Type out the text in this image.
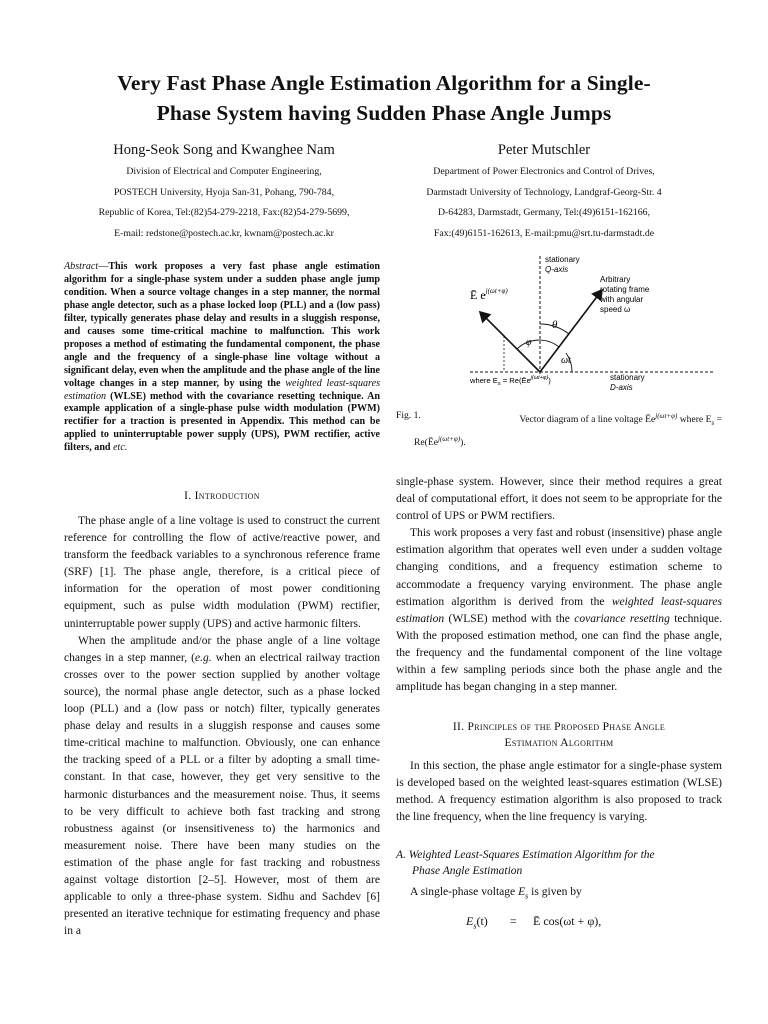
Very Fast Phase Angle Estimation Algorithm for a Single-
Phase System having Sudden Phase Angle Jumps
Hong-Seok Song and Kwanghee Nam
Division of Electrical and Computer Engineering,
POSTECH University, Hyoja San-31, Pohang, 790-784,
Republic of Korea, Tel:(82)54-279-2218, Fax:(82)54-279-5699,
E-mail: redstone@postech.ac.kr, kwnam@postech.ac.kr
Peter Mutschler
Department of Power Electronics and Control of Drives,
Darmstadt University of Technology, Landgraf-Georg-Str. 4
D-64283, Darmstadt, Germany, Tel:(49)6151-162166,
Fax:(49)6151-162613, E-mail:pmu@srt.tu-darmstadt.de
Abstract—This work proposes a very fast phase angle estimation algorithm for a single-phase system under a sudden phase angle jump condition. When a source voltage changes in a step manner, the normal phase angle detector, such as a phase locked loop (PLL) and a (low pass) filter, typically generates phase delay and results in a sluggish response, and causes some time-critical machine to malfunction. This work proposes a method of estimating the fundamental component, the phase angle and the frequency of a single-phase line voltage without a significant delay, even when the amplitude and the phase angle of the line voltage changes in a step manner, by using the weighted least-squares estimation (WLSE) method with the covariance resetting technique. An example application of a single-phase pulse width modulation (PWM) rectifier for a traction is presented in Appendix. This method can be applied to uninterruptable power supply (UPS), PWM rectifier, active filters, and etc.
stationary
Q-axis
Arbitrary
rotating frame
with angular
speed ω
Ē $e^{j(\omega t+\varphi)}$
θ
φ
ωt
where $E_s$ = $Re(Ēe^{j(\omega t+\varphi)})$	stationary
D-axis
Fig. 1.	Vector diagram of a line voltage $Ēe^{j(\omega t+\varphi)}$ where $E_s$ =
$Re(Ēe^{j(\omega t+\varphi)})$.
I. Introduction

The phase angle of a line voltage is used to construct the current reference for controlling the flow of active/reactive power, and transform the feedback variables to a synchronous reference frame (SRF) [1]. The phase angle, therefore, is a critical piece of information for the operation of most power conditioning equipment, such as pulse width modulation (PWM) rectifier, uninterruptable power supply (UPS) and active harmonic filters.

When the amplitude and/or the phase angle of a line voltage changes in a step manner, (e.g. when an electrical railway traction crosses over to the power section supplied by another voltage source), the normal phase angle detector, such as a phase locked loop (PLL) and a (low pass or notch) filter, typically generates phase delay and results in a sluggish response and causes some time-critical machine to malfunction. Obviously, one can enhance the tracking speed of a PLL or a filter by adopting a small time-constant. In that case, however, they get very sensitive to the harmonic disturbances and the measurement noise. Thus, it seems to be very difficult to achieve both fast tracking and strong robustness against (or insensitiveness to) the harmonics and measurement noise. There have been many studies on the estimation of the phase angle for fast tracking and robustness against voltage distortion [2–5]. However, most of them are applicable to only a three-phase system. Sidhu and Sachdev [6] presented an iterative technique for estimating frequency and phase in a

single-phase system. However, since their method requires a great deal of computational effort, it does not seem to be appropriate for the control of UPS or PWM rectifiers.

This work proposes a very fast and robust (insensitive) phase angle estimation algorithm that operates well even under a sudden voltage changing conditions, and a frequency estimation scheme to accommodate a frequency varying environment. The phase angle estimation algorithm is derived from the weighted least-squares estimation (WLSE) method with the covariance resetting technique. With the proposed estimation method, one can find the phase angle, the frequency and the fundamental component of the line voltage within a few sampling periods since both the phase angle and the amplitude has began changing in a step manner.

II. Principles of the Proposed Phase Angle
Estimation Algorithm

In this section, the phase angle estimator for a single-phase system is developed based on the weighted least-squares estimation (WLSE) method. A frequency estimation algorithm is also proposed to track the line frequency, when the line frequency is varying.

A. Weighted Least-Squares Estimation Algorithm for the
Phase Angle Estimation

A single-phase voltage $E_s$ is given by

$E_s(t)$ = Ē cos(ωt + φ),
